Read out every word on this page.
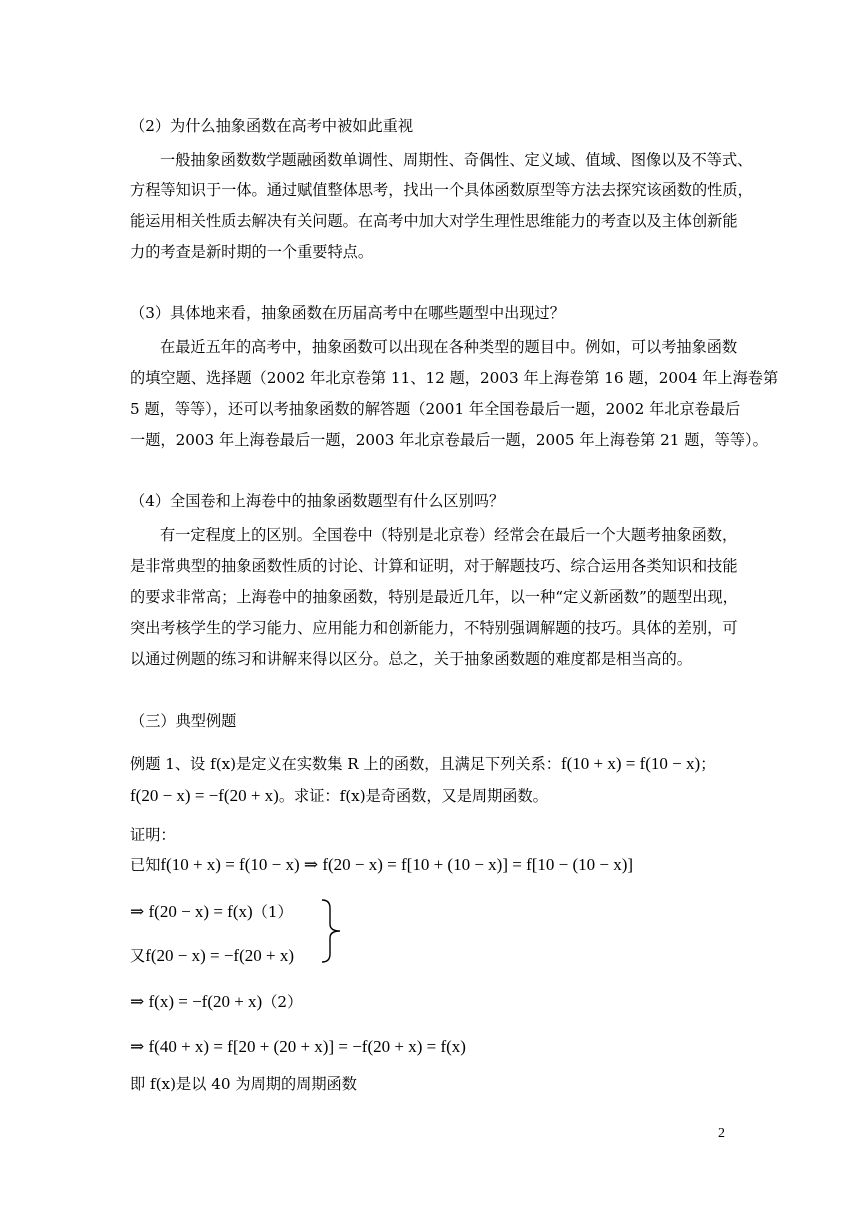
（2）为什么抽象函数在高考中被如此重视
一般抽象函数数学题融函数单调性、周期性、奇偶性、定义域、值域、图像以及不等式、
方程等知识于一体。通过赋值整体思考，找出一个具体函数原型等方法去探究该函数的性质，
能运用相关性质去解决有关问题。在高考中加大对学生理性思维能力的考查以及主体创新能
力的考查是新时期的一个重要特点。
（3）具体地来看，抽象函数在历届高考中在哪些题型中出现过？
在最近五年的高考中，抽象函数可以出现在各种类型的题目中。例如，可以考抽象函数
的填空题、选择题（2002 年北京卷第 11、12 题，2003 年上海卷第 16 题，2004 年上海卷第
5 题，等等），还可以考抽象函数的解答题（2001 年全国卷最后一题，2002 年北京卷最后
一题，2003 年上海卷最后一题，2003 年北京卷最后一题，2005 年上海卷第 21 题，等等）。
（4）全国卷和上海卷中的抽象函数题型有什么区别吗？
有一定程度上的区别。全国卷中（特别是北京卷）经常会在最后一个大题考抽象函数，
是非常典型的抽象函数性质的讨论、计算和证明，对于解题技巧、综合运用各类知识和技能
的要求非常高；上海卷中的抽象函数，特别是最近几年，以一种“定义新函数”的题型出现，
突出考核学生的学习能力、应用能力和创新能力，不特别强调解题的技巧。具体的差别，可
以通过例题的练习和讲解来得以区分。总之，关于抽象函数题的难度都是相当高的。
（三）典型例题
例题 1、设 f(x)是定义在实数集 R 上的函数，且满足下列关系：f(10 + x) = f(10 − x)；
f(20 − x) = −f(20 + x)。求证：f(x)是奇函数，又是周期函数。
证明：
已知f(10 + x) = f(10 − x) ⇒ f(20 − x) = f[10 + (10 − x)] = f[10 − (10 − x)]
⇒ f(20 − x) = f(x)（1）
又f(20 − x) = −f(20 + x)
⇒ f(x) = −f(20 + x)（2）
⇒ f(40 + x) = f[20 + (20 + x)] = −f(20 + x) = f(x)
即 f(x)是以 40 为周期的周期函数
2
